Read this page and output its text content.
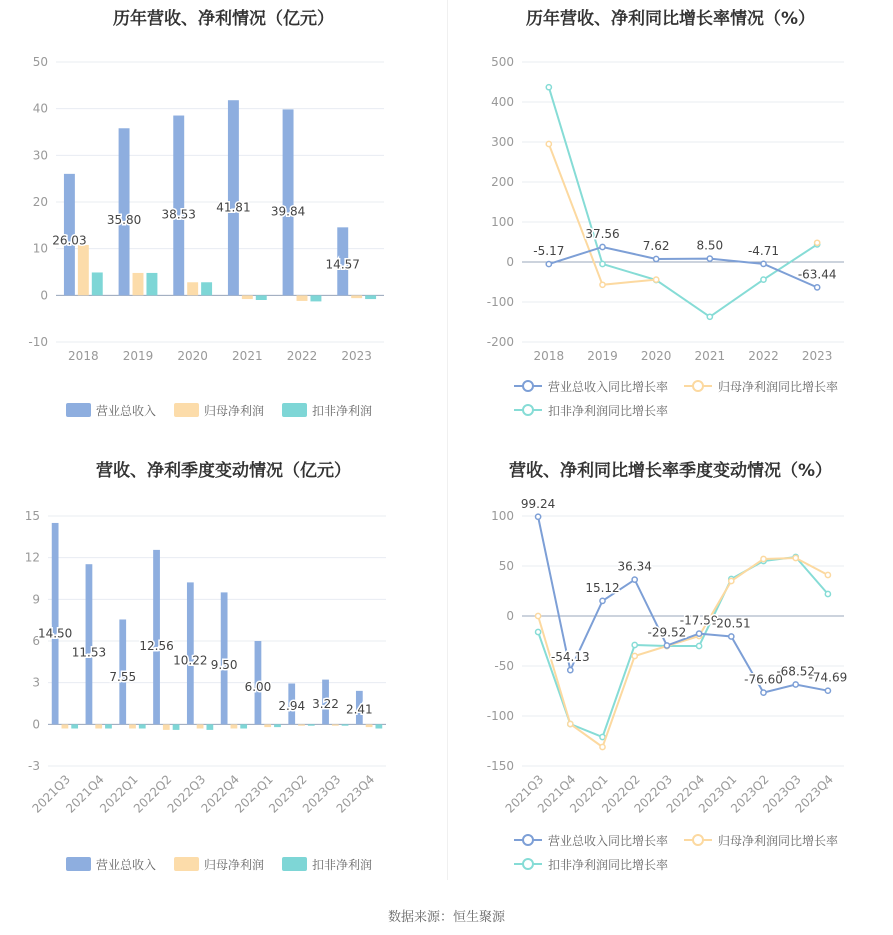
历年营收、净利情况（亿元）
-10
0
10
20
30
40
50
2018 2019 2020 2021 2022 2023
26.03
35.80 38.53 41.81 39.84
14.57
营业总收入	归母净利润	扣非净利润
历年营收、净利同比增长率情况（%）
-200
-100
0
100
200
300
400
500
2018 2019 2020 2021 2022 2023
-5.17
37.56
7.62 8.50 -4.71
-63.44
营业总收入同比增长率	归母净利润同比增长率
扣非净利润同比增长率
营收、净利季度变动情况（亿元）
-3
0
3
6
9
12
15
2021Q3
2021Q4
2022Q1
2022Q2
2022Q3
2022Q4
2023Q1
2023Q2
2023Q3
2023Q4
14.50
11.53
7.55
12.56
10.22 9.50
6.00
2.94 3.22 2.41
营业总收入	归母净利润	扣非净利润
营收、净利同比增长率季度变动情况（%）
-150
-100
-50
0
50
100
2021Q3
2021Q4
2022Q1
2022Q2
2022Q3
2022Q4
2023Q1
2023Q2
2023Q3
2023Q4
99.24
-54.13
15.12
36.34
-29.52
-17.59
-20.51
-76.60
-68.52
-74.69
营业总收入同比增长率	归母净利润同比增长率
扣非净利润同比增长率
数据来源：恒生聚源
